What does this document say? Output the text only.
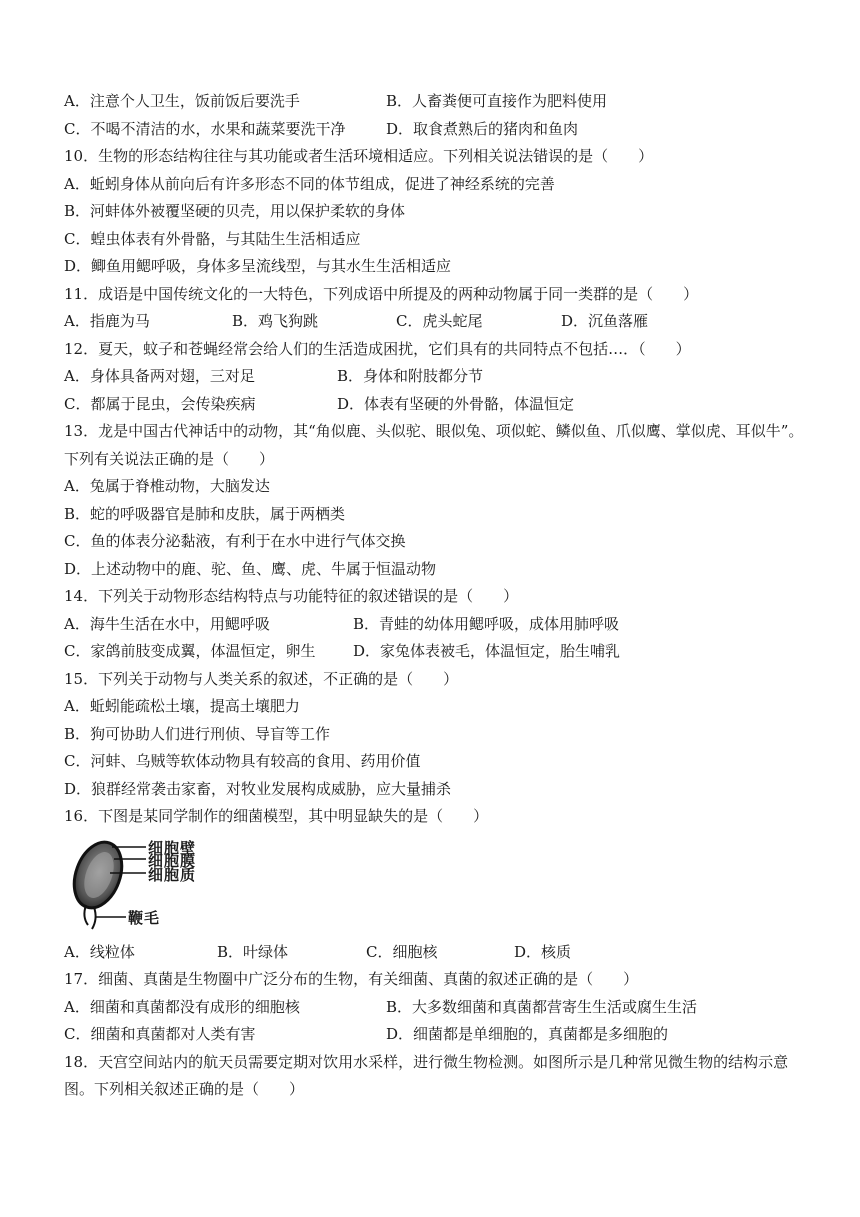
A．注意个人卫生，饭前饭后要洗手	B．人畜粪便可直接作为肥料使用
C．不喝不清洁的水，水果和蔬菜要洗干净	D．取食煮熟后的猪肉和鱼肉
10．生物的形态结构往往与其功能或者生活环境相适应。下列相关说法错误的是（　　）
A．蚯蚓身体从前向后有许多形态不同的体节组成，促进了神经系统的完善
B．河蚌体外被覆坚硬的贝壳，用以保护柔软的身体
C．蝗虫体表有外骨骼，与其陆生生活相适应
D．鲫鱼用鳃呼吸，身体多呈流线型，与其水生生活相适应
11．成语是中国传统文化的一大特色，下列成语中所提及的两种动物属于同一类群的是（　　）
A．指鹿为马	B．鸡飞狗跳	C．虎头蛇尾	D．沉鱼落雁
12．夏天，蚊子和苍蝇经常会给人们的生活造成困扰，它们具有的共同特点不包括…．（　　）
A．身体具备两对翅，三对足	B．身体和附肢都分节
C．都属于昆虫，会传染疾病	D．体表有坚硬的外骨骼，体温恒定
13．龙是中国古代神话中的动物，其“角似鹿、头似驼、眼似兔、项似蛇、鳞似鱼、爪似鹰、掌似虎、耳似牛”。
下列有关说法正确的是（　　）
A．兔属于脊椎动物，大脑发达
B．蛇的呼吸器官是肺和皮肤，属于两栖类
C．鱼的体表分泌黏液，有利于在水中进行气体交换
D．上述动物中的鹿、驼、鱼、鹰、虎、牛属于恒温动物
14．下列关于动物形态结构特点与功能特征的叙述错误的是（　　）
A．海牛生活在水中，用鳃呼吸	B．青蛙的幼体用鳃呼吸，成体用肺呼吸
C．家鸽前肢变成翼，体温恒定，卵生	D．家兔体表被毛，体温恒定，胎生哺乳
15．下列关于动物与人类关系的叙述，不正确的是（　　）
A．蚯蚓能疏松土壤，提高土壤肥力
B．狗可协助人们进行刑侦、导盲等工作
C．河蚌、乌贼等软体动物具有较高的食用、药用价值
D．狼群经常袭击家畜，对牧业发展构成威胁，应大量捕杀
16．下图是某同学制作的细菌模型，其中明显缺失的是（　　）
细胞壁
细胞膜
细胞质
鞭毛
A．线粒体	B．叶绿体	C．细胞核	D．核质
17．细菌、真菌是生物圈中广泛分布的生物，有关细菌、真菌的叙述正确的是（　　）
A．细菌和真菌都没有成形的细胞核	B．大多数细菌和真菌都营寄生生活或腐生生活
C．细菌和真菌都对人类有害	D．细菌都是单细胞的，真菌都是多细胞的
18．天宫空间站内的航天员需要定期对饮用水采样，进行微生物检测。如图所示是几种常见微生物的结构示意
图。下列相关叙述正确的是（　　）
